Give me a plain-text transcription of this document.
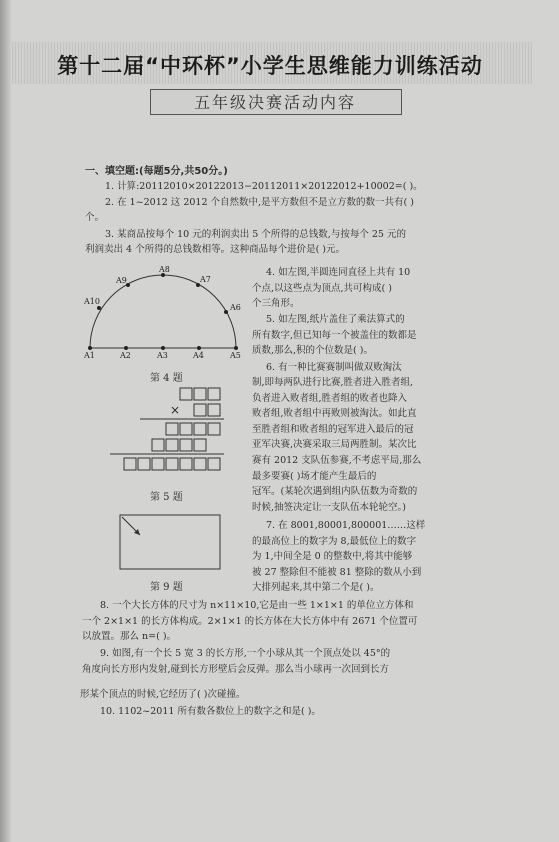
第十二届“中环杯”小学生思维能力训练活动
五年级决赛活动内容
一、填空题:(每题5分,共50分。)
1. 计算:20112010×20122013−20112011×20122012+10002=( )。
2. 在 1~2012 这 2012 个自然数中,是平方数但不是立方数的数一共有( )
个。
3. 某商品按每个 10 元的利润卖出 5 个所得的总钱数,与按每个 25 元的
利润卖出 4 个所得的总钱数相等。这种商品每个进价是( )元。
A1	A2	A3	A4	A5
A6
A7
A8
A9
A10
第 4 题
×
第 5 题
第 9 题
4. 如左图,半圆连同直径上共有 10
个点,以这些点为顶点,共可构成( )
个三角形。
5. 如左图,纸片盖住了乘法算式的
所有数字,但已知每一个被盖住的数都是
质数,那么,积的个位数是( )。
6. 有一种比赛赛制叫做双败淘汰
制,即每两队进行比赛,胜者进入胜者组,
负者进入败者组,胜者组的败者也降入
败者组,败者组中再败则被淘汰。如此直
至胜者组和败者组的冠军进入最后的冠
亚军决赛,决赛采取三局两胜制。某次比
赛有 2012 支队伍参赛,不考虑平局,那么
最多要赛( )场才能产生最后的
冠军。(某轮次遇到组内队伍数为奇数的
时候,抽签决定让一支队伍本轮轮空。)
7. 在 8001,80001,800001……这样
的最高位上的数字为 8,最低位上的数字
为 1,中间全是 0 的整数中,将其中能够
被 27 整除但不能被 81 整除的数从小到
大排列起来,其中第二个是( )。
8. 一个大长方体的尺寸为 n×11×10,它是由一些 1×1×1 的单位立方体和
一个 2×1×1 的长方体构成。2×1×1 的长方体在大长方体中有 2671 个位置可
以放置。那么 n=( )。
9. 如图,有一个长 5 宽 3 的长方形,一个小球从其一个顶点处以 45°的
角度向长方形内发射,碰到长方形壁后会反弹。那么当小球再一次回到长方
形某个顶点的时候,它经历了( )次碰撞。
10. 1102~2011 所有数各数位上的数字之和是( )。
